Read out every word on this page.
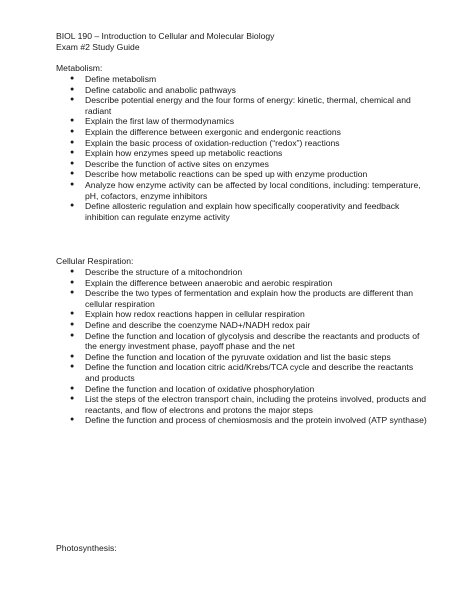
BIOL 190 – Introduction to Cellular and Molecular Biology
Exam #2 Study Guide
Metabolism:
● Define metabolism
● Define catabolic and anabolic pathways
● Describe potential energy and the four forms of energy: kinetic, thermal, chemical and radiant
● Explain the first law of thermodynamics
● Explain the difference between exergonic and endergonic reactions
● Explain the basic process of oxidation-reduction (“redox”) reactions
● Explain how enzymes speed up metabolic reactions
● Describe the function of active sites on enzymes
● Describe how metabolic reactions can be sped up with enzyme production
● Analyze how enzyme activity can be affected by local conditions, including: temperature, pH, cofactors, enzyme inhibitors
● Define allosteric regulation and explain how specifically cooperativity and feedback inhibition can regulate enzyme activity
Cellular Respiration:
● Describe the structure of a mitochondrion
● Explain the difference between anaerobic and aerobic respiration
● Describe the two types of fermentation and explain how the products are different than cellular respiration
● Explain how redox reactions happen in cellular respiration
● Define and describe the coenzyme NAD+/NADH redox pair
● Define the function and location of glycolysis and describe the reactants and products of the energy investment phase, payoff phase and the net
● Define the function and location of the pyruvate oxidation and list the basic steps
● Define the function and location citric acid/Krebs/TCA cycle and describe the reactants and products
● Define the function and location of oxidative phosphorylation
● List the steps of the electron transport chain, including the proteins involved, products and reactants, and flow of electrons and protons the major steps
● Define the function and process of chemiosmosis and the protein involved (ATP synthase)
Photosynthesis:
